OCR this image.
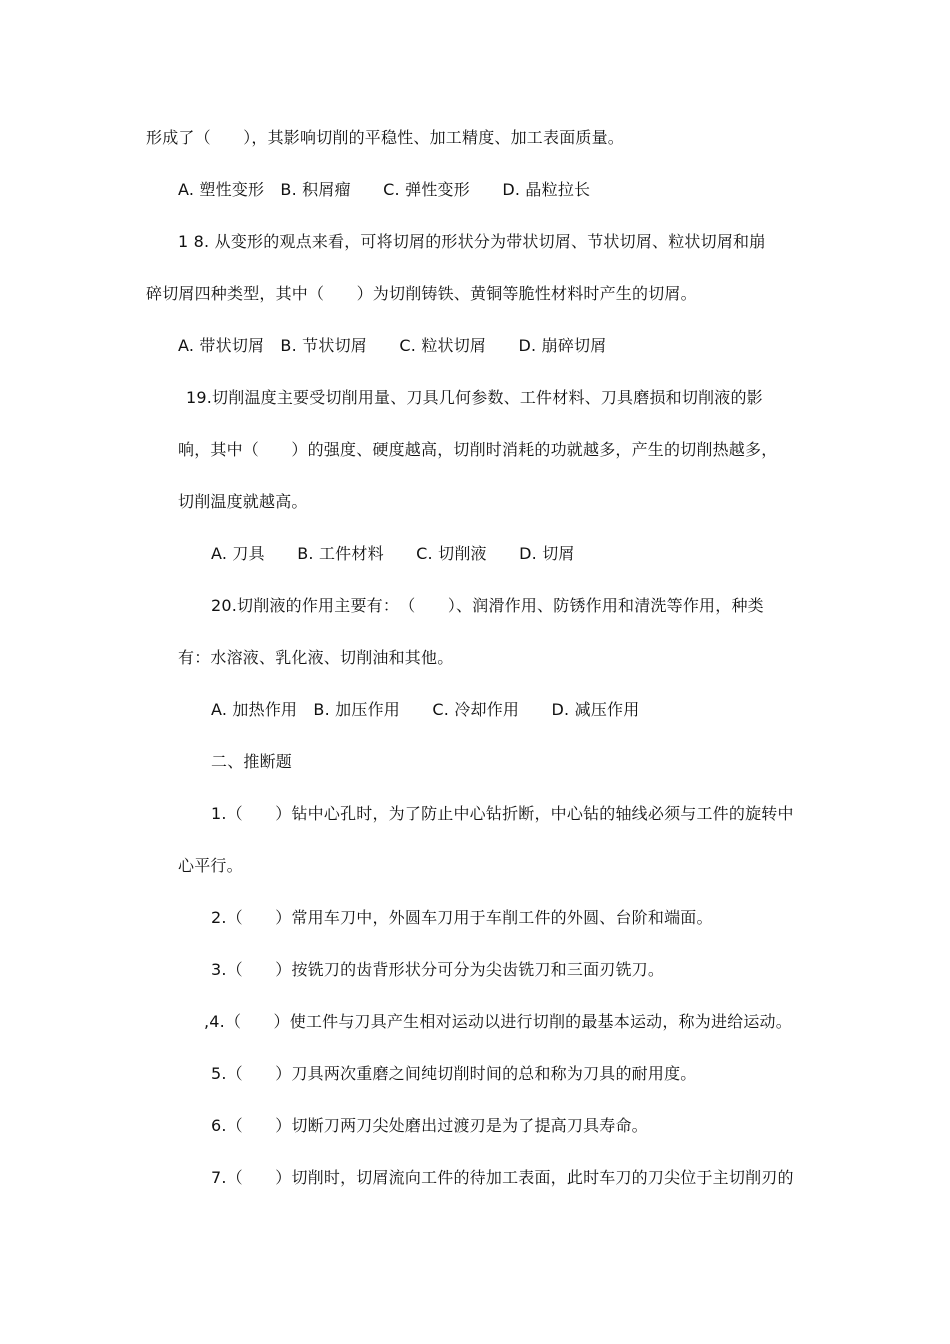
形成了（　　），其影响切削的平稳性、加工精度、加工表面质量。
A. 塑性变形　B. 积屑瘤　　C. 弹性变形　　D. 晶粒拉长
1 8. 从变形的观点来看，可将切屑的形状分为带状切屑、节状切屑、粒状切屑和崩
碎切屑四种类型，其中（　　）为切削铸铁、黄铜等脆性材料时产生的切屑。
A. 带状切屑　B. 节状切屑　　C. 粒状切屑　　D. 崩碎切屑
19.切削温度主要受切削用量、刀具几何参数、工件材料、刀具磨损和切削液的影
响，其中（　　）的强度、硬度越高，切削时消耗的功就越多，产生的切削热越多，
切削温度就越高。
A. 刀具　　B. 工件材料　　C. 切削液　　D. 切屑
20.切削液的作用主要有：　（　　）、润滑作用、防锈作用和清洗等作用，种类
有：水溶液、乳化液、切削油和其他。
A. 加热作用　B. 加压作用　　C. 冷却作用　　D. 减压作用
二、推断题
1.（　　）钻中心孔时，为了防止中心钻折断，中心钻的轴线必须与工件的旋转中
心平行。
2.（　　）常用车刀中，外圆车刀用于车削工件的外圆、台阶和端面。
3.（　　）按铣刀的齿背形状分可分为尖齿铣刀和三面刃铣刀。
,4.（　　）使工件与刀具产生相对运动以进行切削的最基本运动，称为进给运动。
5.（　　）刀具两次重磨之间纯切削时间的总和称为刀具的耐用度。
6.（　　）切断刀两刀尖处磨出过渡刃是为了提高刀具寿命。
7.（　　）切削时，切屑流向工件的待加工表面，此时车刀的刀尖位于主切削刃的
